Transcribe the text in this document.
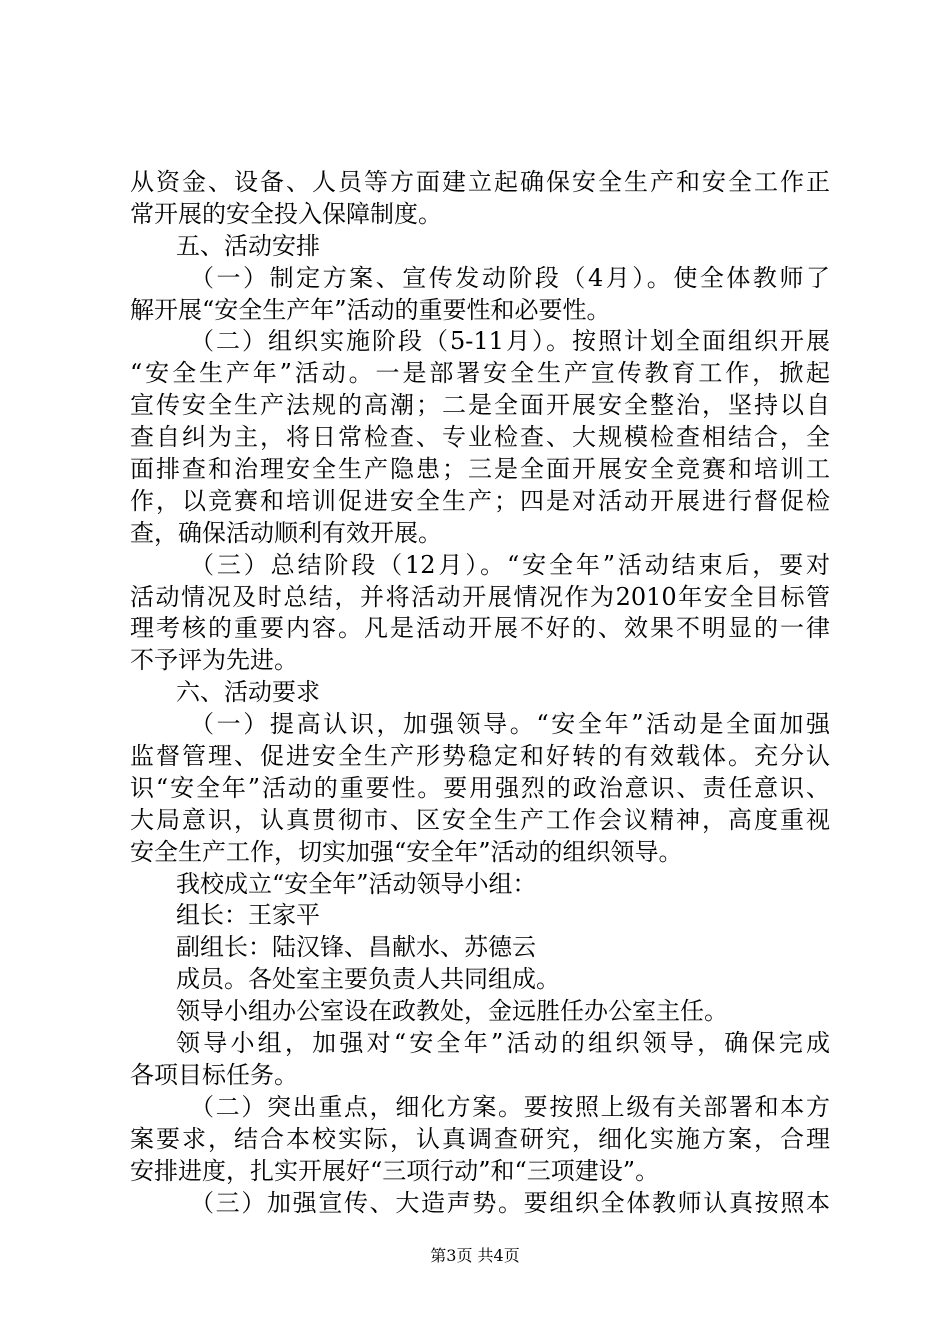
从资金、设备、人员等方面建立起确保安全生产和安全工作正
常开展的安全投入保障制度。
五、活动安排
（一）制定方案、宣传发动阶段（4月）。使全体教师了
解开展“安全生产年”活动的重要性和必要性。
（二）组织实施阶段（5-11月）。按照计划全面组织开展
“安全生产年”活动。一是部署安全生产宣传教育工作，掀起
宣传安全生产法规的高潮；二是全面开展安全整治，坚持以自
查自纠为主，将日常检查、专业检查、大规模检查相结合，全
面排查和治理安全生产隐患；三是全面开展安全竞赛和培训工
作，以竞赛和培训促进安全生产；四是对活动开展进行督促检
查，确保活动顺利有效开展。
（三）总结阶段（12月）。“安全年”活动结束后，要对
活动情况及时总结，并将活动开展情况作为2010年安全目标管
理考核的重要内容。凡是活动开展不好的、效果不明显的一律
不予评为先进。
六、活动要求
（一）提高认识，加强领导。“安全年”活动是全面加强
监督管理、促进安全生产形势稳定和好转的有效载体。充分认
识“安全年”活动的重要性。要用强烈的政治意识、责任意识、
大局意识，认真贯彻市、区安全生产工作会议精神，高度重视
安全生产工作，切实加强“安全年”活动的组织领导。
我校成立“安全年”活动领导小组：
组长：王家平
副组长：陆汉锋、昌献水、苏德云
成员。各处室主要负责人共同组成。
领导小组办公室设在政教处，金远胜任办公室主任。
领导小组，加强对“安全年”活动的组织领导，确保完成
各项目标任务。
（二）突出重点，细化方案。要按照上级有关部署和本方
案要求，结合本校实际，认真调查研究，细化实施方案，合理
安排进度，扎实开展好“三项行动”和“三项建设”。
（三）加强宣传、大造声势。要组织全体教师认真按照本
第3页 共4页
